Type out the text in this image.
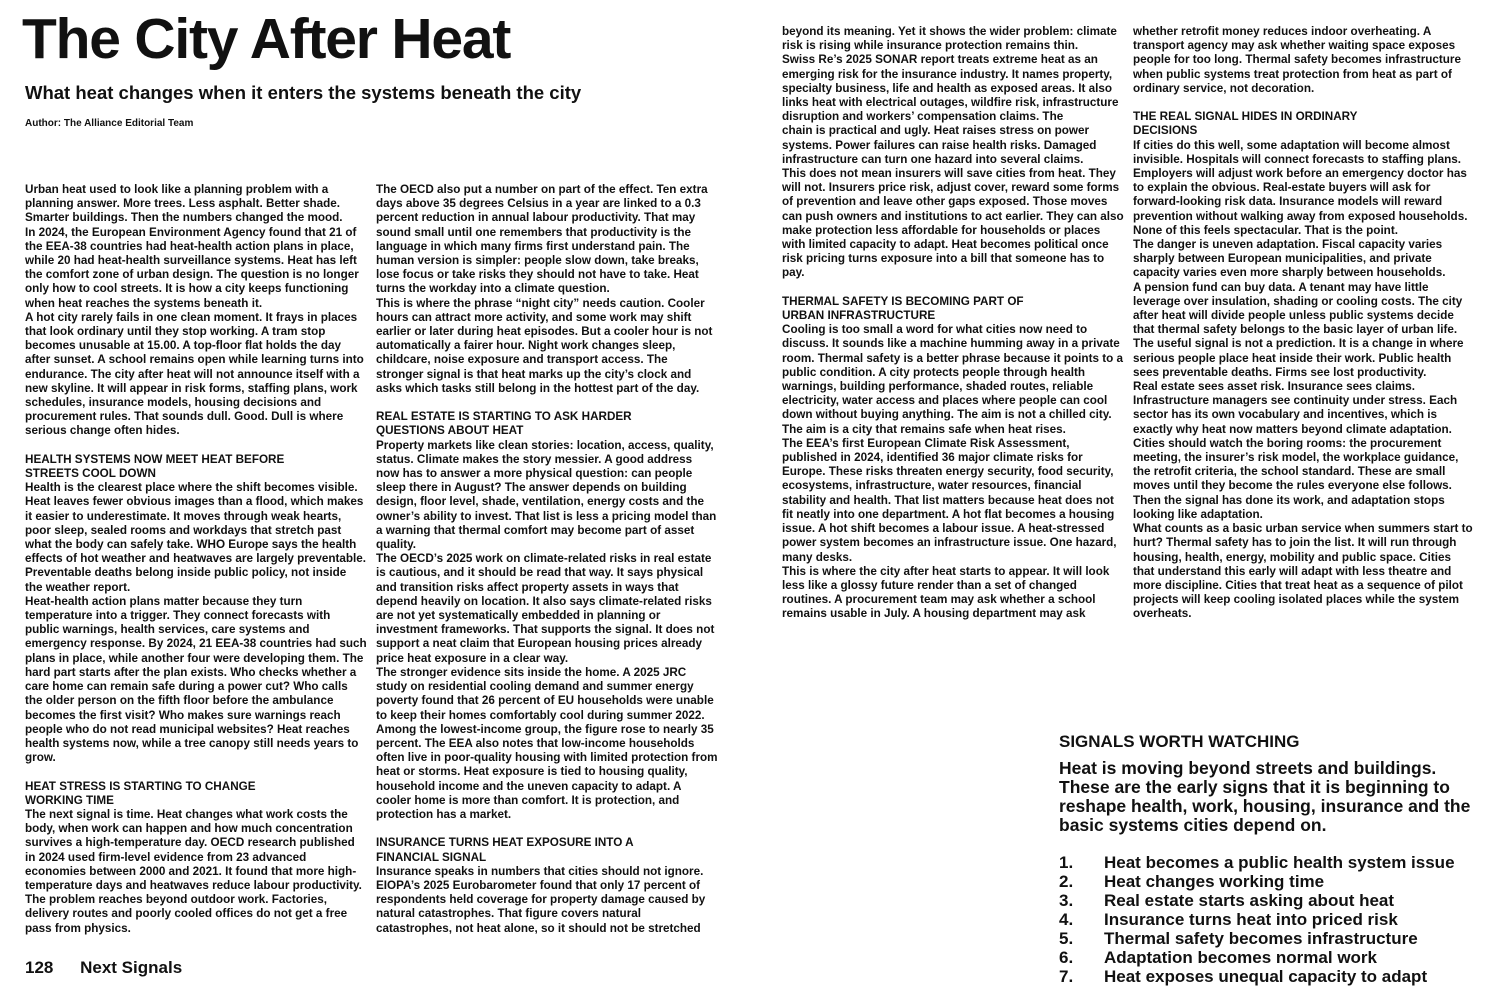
The City After Heat
What heat changes when it enters the systems beneath the city
Author: The Alliance Editorial Team

Urban heat used to look like a planning problem with a planning answer. More trees. Less asphalt. Better shade. Smarter buildings. Then the numbers changed the mood.

In 2024, the European Environment Agency found that 21 of the EEA-38 countries had heat-health action plans in place, while 20 had heat-health surveillance systems. Heat has left the comfort zone of urban design. The question is no longer only how to cool streets. It is how a city keeps functioning when heat reaches the systems beneath it.

A hot city rarely fails in one clean moment. It frays in places that look ordinary until they stop working. A tram stop becomes unusable at 15.00. A top-floor flat holds the day after sunset. A school remains open while learning turns into endurance. The city after heat will not announce itself with a new skyline. It will appear in risk forms, staffing plans, work schedules, insurance models, housing decisions and procurement rules. That sounds dull. Good. Dull is where serious change often hides.

HEALTH SYSTEMS NOW MEET HEAT BEFORE STREETS COOL DOWN

Health is the clearest place where the shift becomes visible. Heat leaves fewer obvious images than a flood, which makes it easier to underestimate. It moves through weak hearts, poor sleep, sealed rooms and workdays that stretch past what the body can safely take. WHO Europe says the health effects of hot weather and heatwaves are largely preventable. Preventable deaths belong inside public policy, not inside the weather report.

Heat-health action plans matter because they turn temperature into a trigger. They connect forecasts with public warnings, health services, care systems and emergency response. By 2024, 21 EEA-38 countries had such plans in place, while another four were developing them. The hard part starts after the plan exists. Who checks whether a care home can remain safe during a power cut? Who calls the older person on the fifth floor before the ambulance becomes the first visit? Who makes sure warnings reach people who do not read municipal websites? Heat reaches health systems now, while a tree canopy still needs years to grow.

HEAT STRESS IS STARTING TO CHANGE WORKING TIME

The next signal is time. Heat changes what work costs the body, when work can happen and how much concentration survives a high-temperature day. OECD research published in 2024 used firm-level evidence from 23 advanced economies between 2000 and 2021. It found that more high-temperature days and heatwaves reduce labour productivity. The problem reaches beyond outdoor work. Factories, delivery routes and poorly cooled offices do not get a free pass from physics.

The OECD also put a number on part of the effect. Ten extra days above 35 degrees Celsius in a year are linked to a 0.3 percent reduction in annual labour productivity. That may sound small until one remembers that productivity is the language in which many firms first understand pain. The human version is simpler: people slow down, take breaks, lose focus or take risks they should not have to take. Heat turns the workday into a climate question.

This is where the phrase “night city” needs caution. Cooler hours can attract more activity, and some work may shift earlier or later during heat episodes. But a cooler hour is not automatically a fairer hour. Night work changes sleep, childcare, noise exposure and transport access. The stronger signal is that heat marks up the city’s clock and asks which tasks still belong in the hottest part of the day.

REAL ESTATE IS STARTING TO ASK HARDER QUESTIONS ABOUT HEAT

Property markets like clean stories: location, access, quality, status. Climate makes the story messier. A good address now has to answer a more physical question: can people sleep there in August? The answer depends on building design, floor level, shade, ventilation, energy costs and the owner’s ability to invest. That list is less a pricing model than a warning that thermal comfort may become part of asset quality.

The OECD’s 2025 work on climate-related risks in real estate is cautious, and it should be read that way. It says physical and transition risks affect property assets in ways that depend heavily on location. It also says climate-related risks are not yet systematically embedded in planning or investment frameworks. That supports the signal. It does not support a neat claim that European housing prices already price heat exposure in a clear way.

The stronger evidence sits inside the home. A 2025 JRC study on residential cooling demand and summer energy poverty found that 26 percent of EU households were unable to keep their homes comfortably cool during summer 2022. Among the lowest-income group, the figure rose to nearly 35 percent. The EEA also notes that low-income households often live in poor-quality housing with limited protection from heat or storms. Heat exposure is tied to housing quality, household income and the uneven capacity to adapt. A cooler home is more than comfort. It is protection, and protection has a market.

INSURANCE TURNS HEAT EXPOSURE INTO A FINANCIAL SIGNAL

Insurance speaks in numbers that cities should not ignore. EIOPA’s 2025 Eurobarometer found that only 17 percent of respondents held coverage for property damage caused by natural catastrophes. That figure covers natural catastrophes, not heat alone, so it should not be stretched

beyond its meaning. Yet it shows the wider problem: climate risk is rising while insurance protection remains thin.

Swiss Re’s 2025 SONAR report treats extreme heat as an emerging risk for the insurance industry. It names property, specialty business, life and health as exposed areas. It also links heat with electrical outages, wildfire risk, infrastructure disruption and workers’ compensation claims. The

chain is practical and ugly. Heat raises stress on power systems. Power failures can raise health risks. Damaged infrastructure can turn one hazard into several claims.

This does not mean insurers will save cities from heat. They will not. Insurers price risk, adjust cover, reward some forms of prevention and leave other gaps exposed. Those moves can push owners and institutions to act earlier. They can also make protection less affordable for households or places with limited capacity to adapt. Heat becomes political once risk pricing turns exposure into a bill that someone has to pay.

THERMAL SAFETY IS BECOMING PART OF URBAN INFRASTRUCTURE

Cooling is too small a word for what cities now need to discuss. It sounds like a machine humming away in a private room. Thermal safety is a better phrase because it points to a public condition. A city protects people through health warnings, building performance, shaded routes, reliable electricity, water access and places where people can cool down without buying anything. The aim is not a chilled city. The aim is a city that remains safe when heat rises.

The EEA’s first European Climate Risk Assessment, published in 2024, identified 36 major climate risks for Europe. These risks threaten energy security, food security, ecosystems, infrastructure, water resources, financial stability and health. That list matters because heat does not fit neatly into one department. A hot flat becomes a housing issue. A hot shift becomes a labour issue. A heat-stressed power system becomes an infrastructure issue. One hazard, many desks.

This is where the city after heat starts to appear. It will look less like a glossy future render than a set of changed routines. A procurement team may ask whether a school remains usable in July. A housing department may ask

whether retrofit money reduces indoor overheating. A transport agency may ask whether waiting space exposes people for too long. Thermal safety becomes infrastructure when public systems treat protection from heat as part of ordinary service, not decoration.

THE REAL SIGNAL HIDES IN ORDINARY DECISIONS

If cities do this well, some adaptation will become almost invisible. Hospitals will connect forecasts to staffing plans. Employers will adjust work before an emergency doctor has to explain the obvious. Real-estate buyers will ask for forward-looking risk data. Insurance models will reward prevention without walking away from exposed households. None of this feels spectacular. That is the point.

The danger is uneven adaptation. Fiscal capacity varies sharply between European municipalities, and private capacity varies even more sharply between households.

A pension fund can buy data. A tenant may have little leverage over insulation, shading or cooling costs. The city after heat will divide people unless public systems decide that thermal safety belongs to the basic layer of urban life.

The useful signal is not a prediction. It is a change in where serious people place heat inside their work. Public health sees preventable deaths. Firms see lost productivity.

Real estate sees asset risk. Insurance sees claims. Infrastructure managers see continuity under stress. Each sector has its own vocabulary and incentives, which is exactly why heat now matters beyond climate adaptation.

Cities should watch the boring rooms: the procurement meeting, the insurer’s risk model, the workplace guidance, the retrofit criteria, the school standard. These are small moves until they become the rules everyone else follows. Then the signal has done its work, and adaptation stops looking like adaptation.

What counts as a basic urban service when summers start to hurt? Thermal safety has to join the list. It will run through housing, health, energy, mobility and public space. Cities that understand this early will adapt with less theatre and more discipline. Cities that treat heat as a sequence of pilot projects will keep cooling isolated places while the system overheats.

SIGNALS WORTH WATCHING

Heat is moving beyond streets and buildings. These are the early signs that it is beginning to reshape health, work, housing, insurance and the basic systems cities depend on.

1.	Heat becomes a public health system issue
2.	Heat changes working time
3.	Real estate starts asking about heat
4.	Insurance turns heat into priced risk
5.	Thermal safety becomes infrastructure
6.	Adaptation becomes normal work
7.	Heat exposes unequal capacity to adapt
128 Next Signals
